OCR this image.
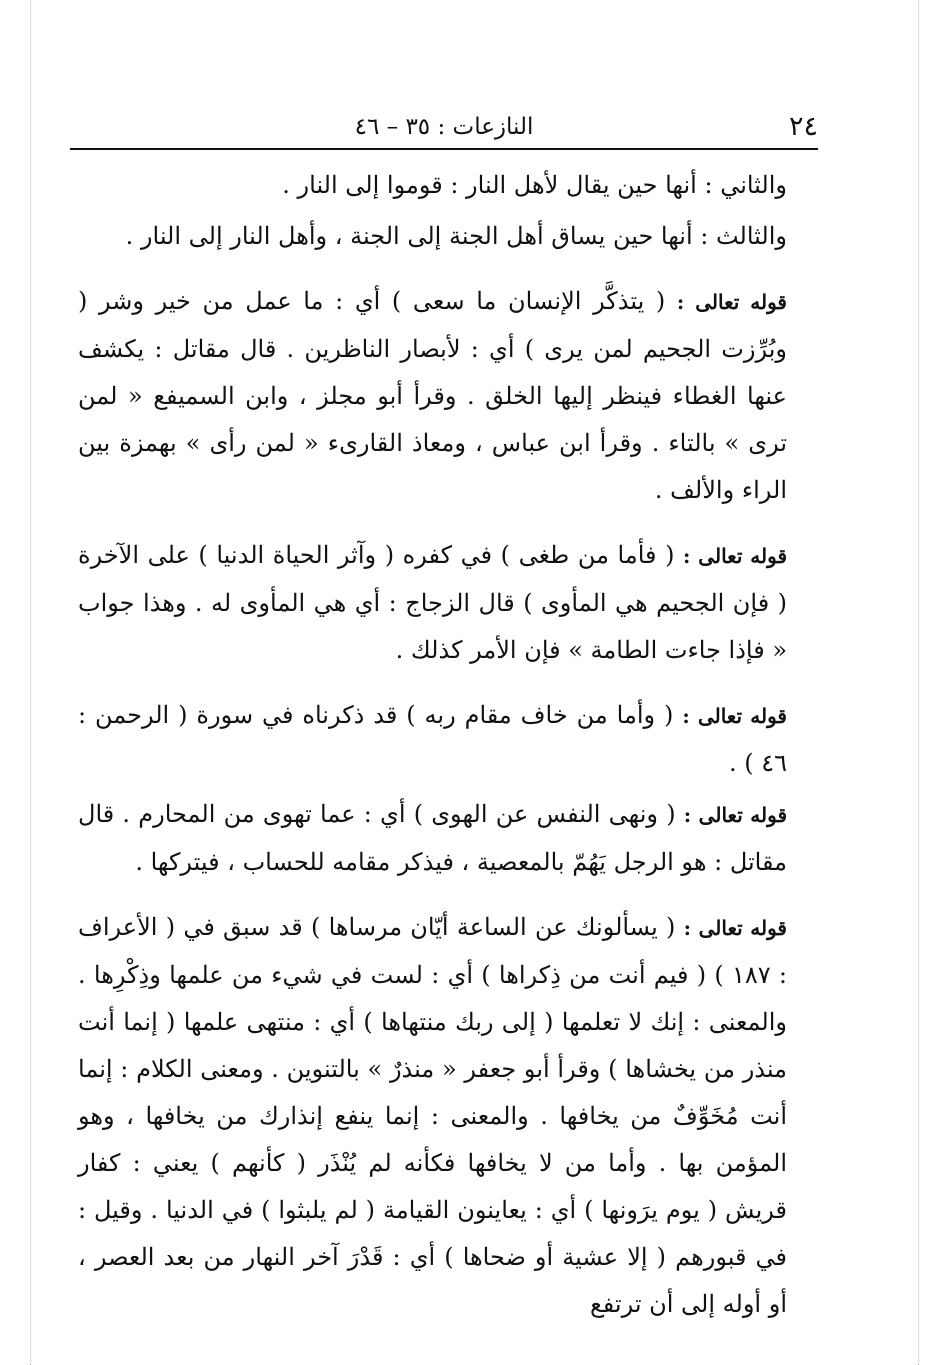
٢٤
النازعات : ٣٥ – ٤٦

والثاني : أنها حين يقال لأهل النار : قوموا إلى النار .

والثالث : أنها حين يساق أهل الجنة إلى الجنة ، وأهل النار إلى النار .

قوله تعالى : ( يتذكَّر الإنسان ما سعى ) أي : ما عمل من خير وشر ( وبُرِّزت الجحيم لمن يرى ) أي : لأبصار الناظرين . قال مقاتل : يكشف عنها الغطاء فينظر إليها الخلق . وقرأ أبو مجلز ، وابن السميفع « لمن ترى » بالتاء . وقرأ ابن عباس ، ومعاذ القارىء « لمن رأى » بهمزة بين الراء والألف .

قوله تعالى : ( فأما من طغى ) في كفره ( وآثر الحياة الدنيا ) على الآخرة ( فإن الجحيم هي المأوى ) قال الزجاج : أي هي المأوى له . وهذا جواب « فإذا جاءت الطامة » فإن الأمر كذلك .

قوله تعالى : ( وأما من خاف مقام ربه ) قد ذكرناه في سورة ( الرحمن : ٤٦ ) .

قوله تعالى : ( ونهى النفس عن الهوى ) أي : عما تهوى من المحارم . قال مقاتل : هو الرجل يَهُمّ بالمعصية ، فيذكر مقامه للحساب ، فيتركها .

قوله تعالى : ( يسألونك عن الساعة أيّان مرساها ) قد سبق في ( الأعراف : ١٨٧ ) ( فيم أنت من ذِكراها ) أي : لست في شيء من علمها وذِكْرِها . والمعنى : إنك لا تعلمها ( إلى ربك منتهاها ) أي : منتهى علمها ( إنما أنت منذر من يخشاها ) وقرأ أبو جعفر « منذرٌ » بالتنوين . ومعنى الكلام : إنما أنت مُخَوِّفٌ من يخافها . والمعنى : إنما ينفع إنذارك من يخافها ، وهو المؤمن بها . وأما من لا يخافها فكأنه لم يُنْذَر ( كأنهم ) يعني : كفار قريش ( يوم يرَونها ) أي : يعاينون القيامة ( لم يلبثوا ) في الدنيا . وقيل : في قبورهم ( إلا عشية أو ضحاها ) أي : قَدْرَ آخر النهار من بعد العصر ، أو أوله إلى أن ترتفع
